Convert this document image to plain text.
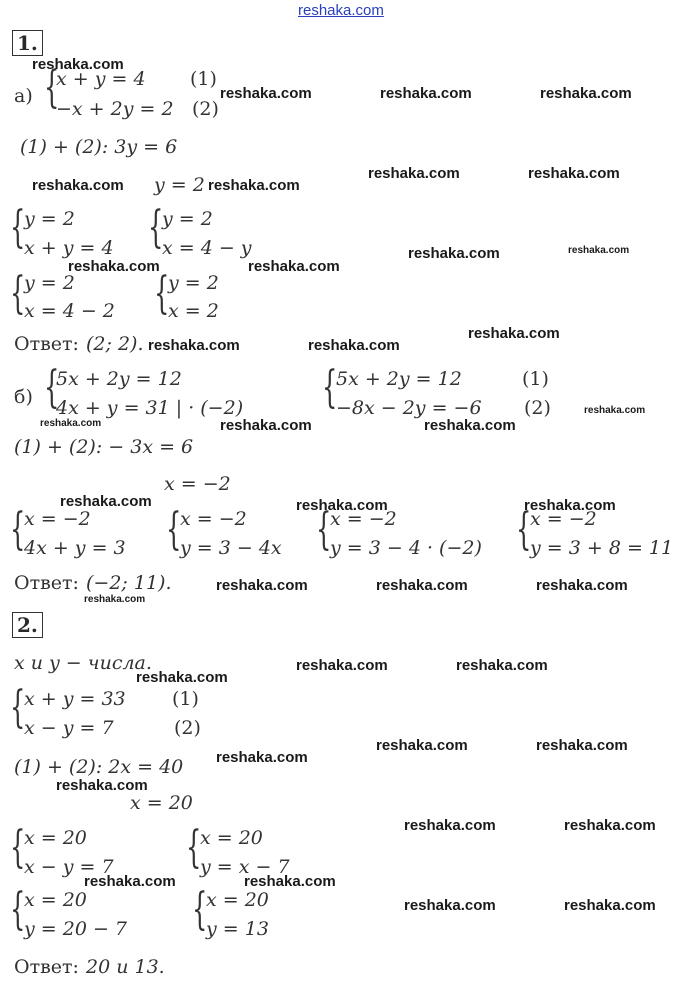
reshaka.com
1.
а) {
x + y = 4
−x + 2y = 2
(1)
(2)
(1) + (2): 3y = 6
y = 2
{
y = 2
x + y = 4 {
y = 2
x = 4 − y
{
y = 2
x = 4 − 2 {
y = 2
x = 2
Ответ: (2; 2).
б) {
5x + 2y = 12
4x + y = 31 | · (−2) {
5x + 2y = 12
−8x − 2y = −6
(1)
(2)
(1) + (2): − 3x = 6
x = −2
{
x = −2
4x + y = 3 {
x = −2
y = 3 − 4x {
x = −2
y = 3 − 4 · (−2) {
x = −2
y = 3 + 8 = 11
Ответ: (−2; 11).
2.
x и y − числа.
{
x + y = 33
x − y = 7
(1)
(2)
(1) + (2): 2x = 40
x = 20
{
x = 20
x − y = 7 {
x = 20
y = x − 7
{
x = 20
y = 20 − 7 {
x = 20
y = 13
Ответ: 20 и 13.
reshaka.com
reshaka.com	reshaka.com	reshaka.com
reshaka.com	reshaka.com
reshaka.com	reshaka.com
reshaka.com	reshaka.com
reshaka.com	reshaka.com
reshaka.com
reshaka.com	reshaka.com
reshaka.com
reshaka.com	reshaka.com	reshaka.com
reshaka.com	reshaka.com	reshaka.com
reshaka.com	reshaka.com	reshaka.com
reshaka.com
reshaka.com	reshaka.com
reshaka.com
reshaka.com	reshaka.com
reshaka.com
reshaka.com
reshaka.com	reshaka.com
reshaka.com	reshaka.com
reshaka.com	reshaka.com
